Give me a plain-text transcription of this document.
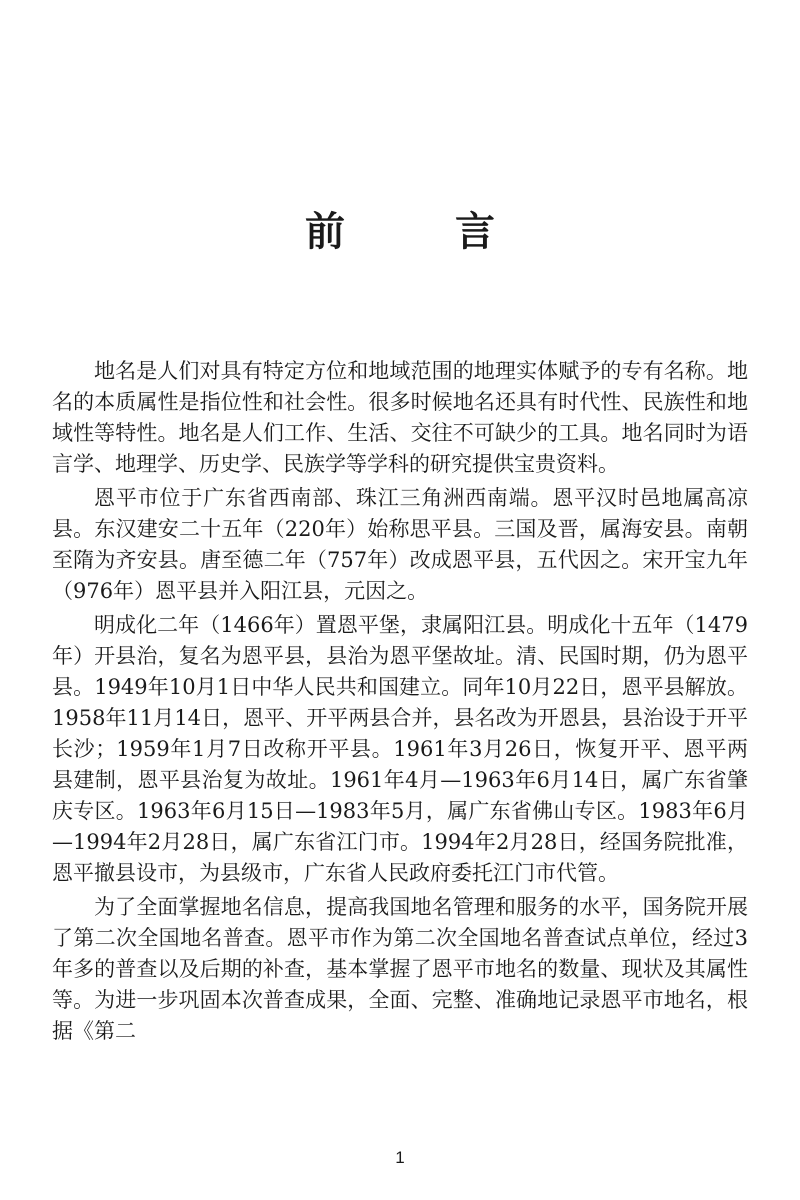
前 言

地名是人们对具有特定方位和地域范围的地理实体赋予的专有名称。地名的本质属性是指位性和社会性。很多时候地名还具有时代性、民族性和地域性等特性。地名是人们工作、生活、交往不可缺少的工具。地名同时为语言学、地理学、历史学、民族学等学科的研究提供宝贵资料。

恩平市位于广东省西南部、珠江三角洲西南端。恩平汉时邑地属高凉县。东汉建安二十五年（220年）始称思平县。三国及晋，属海安县。南朝至隋为齐安县。唐至德二年（757年）改成恩平县，五代因之。宋开宝九年（976年）恩平县并入阳江县，元因之。

明成化二年（1466年）置恩平堡，隶属阳江县。明成化十五年（1479年）开县治，复名为恩平县，县治为恩平堡故址。清、民国时期，仍为恩平县。1949年10月1日中华人民共和国建立。同年10月22日，恩平县解放。1958年11月14日，恩平、开平两县合并，县名改为开恩县，县治设于开平长沙；1959年1月7日改称开平县。1961年3月26日，恢复开平、恩平两县建制，恩平县治复为故址。1961年4月—1963年6月14日，属广东省肇庆专区。1963年6月15日—1983年5月，属广东省佛山专区。1983年6月—1994年2月28日，属广东省江门市。1994年2月28日，经国务院批准，恩平撤县设市，为县级市，广东省人民政府委托江门市代管。

为了全面掌握地名信息，提高我国地名管理和服务的水平，国务院开展了第二次全国地名普查。恩平市作为第二次全国地名普查试点单位，经过3年多的普查以及后期的补查，基本掌握了恩平市地名的数量、现状及其属性等。为进一步巩固本次普查成果，全面、完整、准确地记录恩平市地名，根据《第二

1
